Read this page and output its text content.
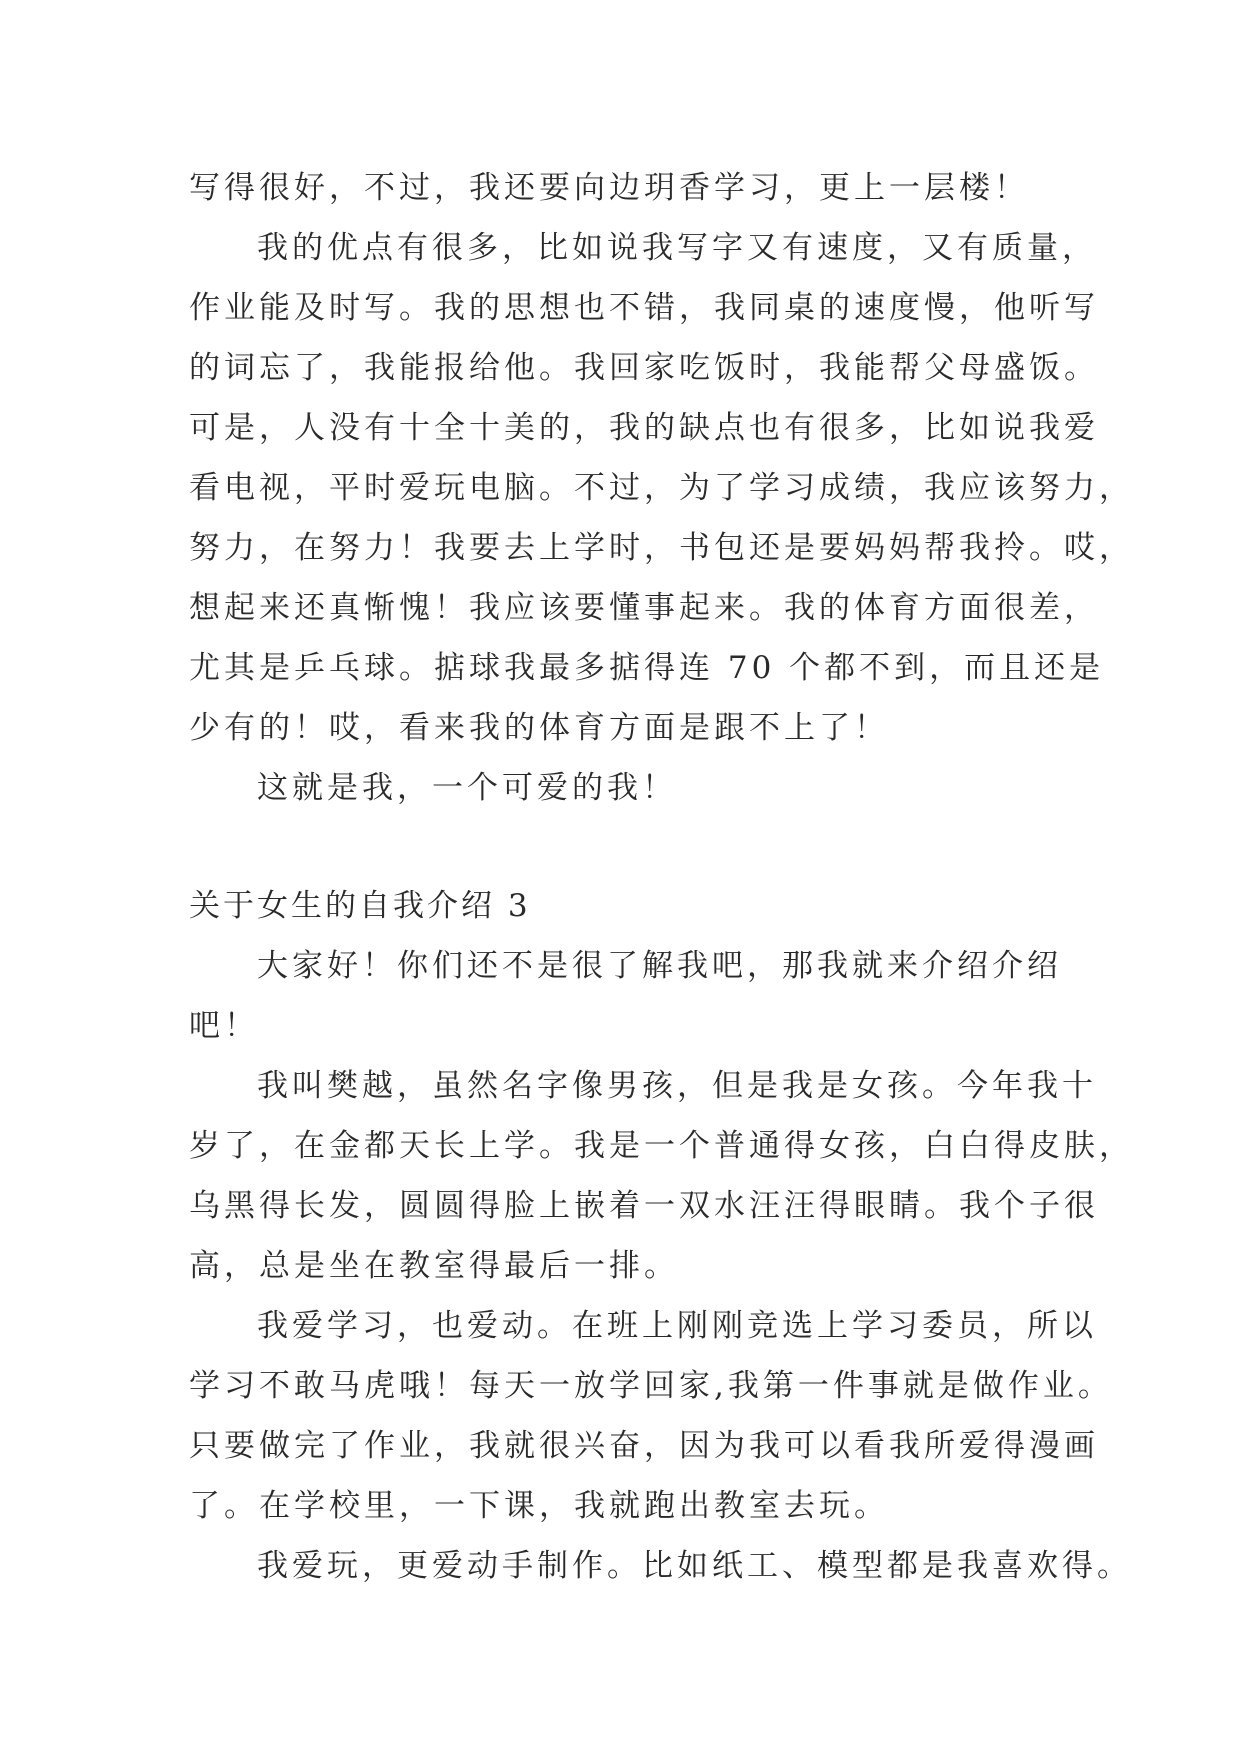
写得很好，不过，我还要向边玥香学习，更上一层楼！
我的优点有很多，比如说我写字又有速度，又有质量，
作业能及时写。我的思想也不错，我同桌的速度慢，他听写
的词忘了，我能报给他。我回家吃饭时，我能帮父母盛饭。
可是，人没有十全十美的，我的缺点也有很多，比如说我爱
看电视，平时爱玩电脑。不过，为了学习成绩，我应该努力，
努力，在努力！我要去上学时，书包还是要妈妈帮我拎。哎，
想起来还真惭愧！我应该要懂事起来。我的体育方面很差，
尤其是乒乓球。掂球我最多掂得连 70 个都不到，而且还是
少有的！哎，看来我的体育方面是跟不上了！
这就是我，一个可爱的我！
关于女生的自我介绍 3
大家好！你们还不是很了解我吧，那我就来介绍介绍
吧！
我叫樊越，虽然名字像男孩，但是我是女孩。今年我十
岁了，在金都天长上学。我是一个普通得女孩，白白得皮肤，
乌黑得长发，圆圆得脸上嵌着一双水汪汪得眼睛。我个子很
高，总是坐在教室得最后一排。
我爱学习，也爱动。在班上刚刚竞选上学习委员，所以
学习不敢马虎哦！每天一放学回家,我第一件事就是做作业。
只要做完了作业，我就很兴奋，因为我可以看我所爱得漫画
了。在学校里，一下课，我就跑出教室去玩。
我爱玩，更爱动手制作。比如纸工、模型都是我喜欢得。
